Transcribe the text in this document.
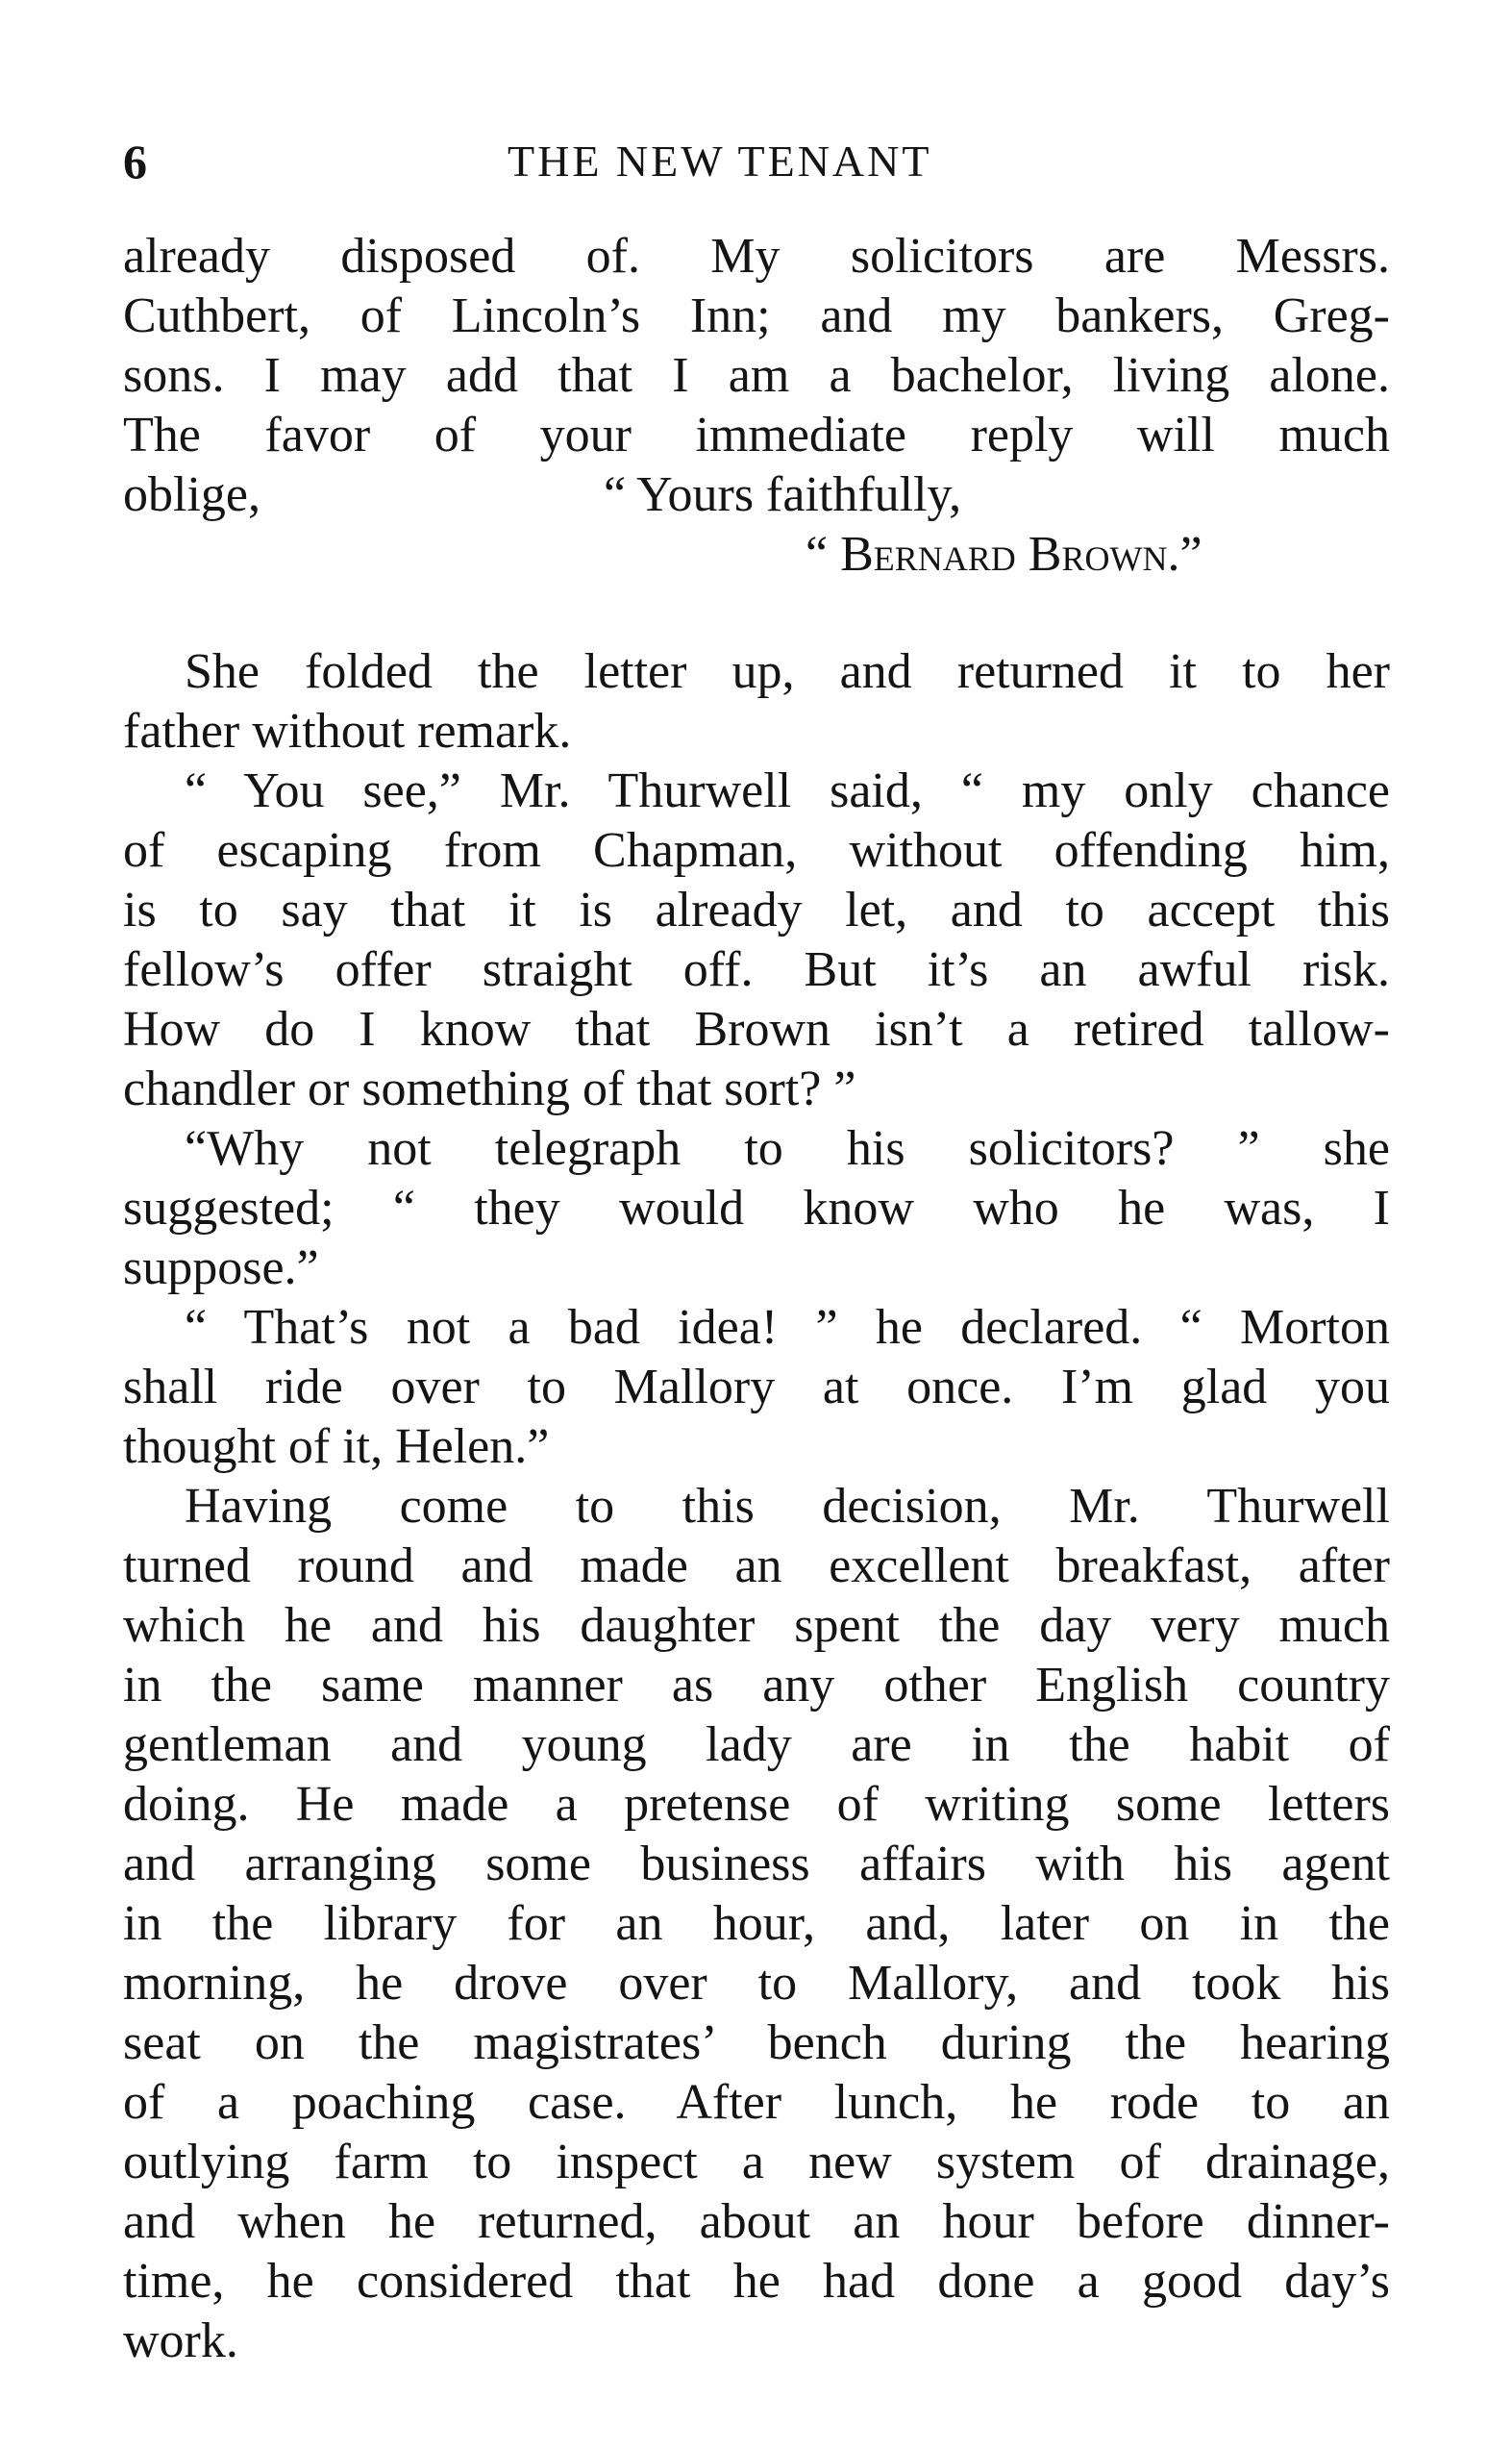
6	THE NEW TENANT
already disposed of. My solicitors are Messrs.
Cuthbert, of Lincoln’s Inn; and my bankers, Greg-
sons. I may add that I am a bachelor, living alone.
The favor of your immediate reply will much
oblige,	“ Yours faithfully,
“ Bernard Brown.”
She folded the letter up, and returned it to her
father without remark.
“ You see,” Mr. Thurwell said, “ my only chance
of escaping from Chapman, without offending him,
is to say that it is already let, and to accept this
fellow’s offer straight off. But it’s an awful risk.
How do I know that Brown isn’t a retired tallow-
chandler or something of that sort? ”
“Why not telegraph to his solicitors? ” she
suggested; “ they would know who he was, I
suppose.”
“ That’s not a bad idea! ” he declared. “ Morton
shall ride over to Mallory at once. I’m glad you
thought of it, Helen.”
Having come to this decision, Mr. Thurwell
turned round and made an excellent breakfast, after
which he and his daughter spent the day very much
in the same manner as any other English country
gentleman and young lady are in the habit of
doing. He made a pretense of writing some letters
and arranging some business affairs with his agent
in the library for an hour, and, later on in the
morning, he drove over to Mallory, and took his
seat on the magistrates’ bench during the hearing
of a poaching case. After lunch, he rode to an
outlying farm to inspect a new system of drainage,
and when he returned, about an hour before dinner-
time, he considered that he had done a good day’s
work.
